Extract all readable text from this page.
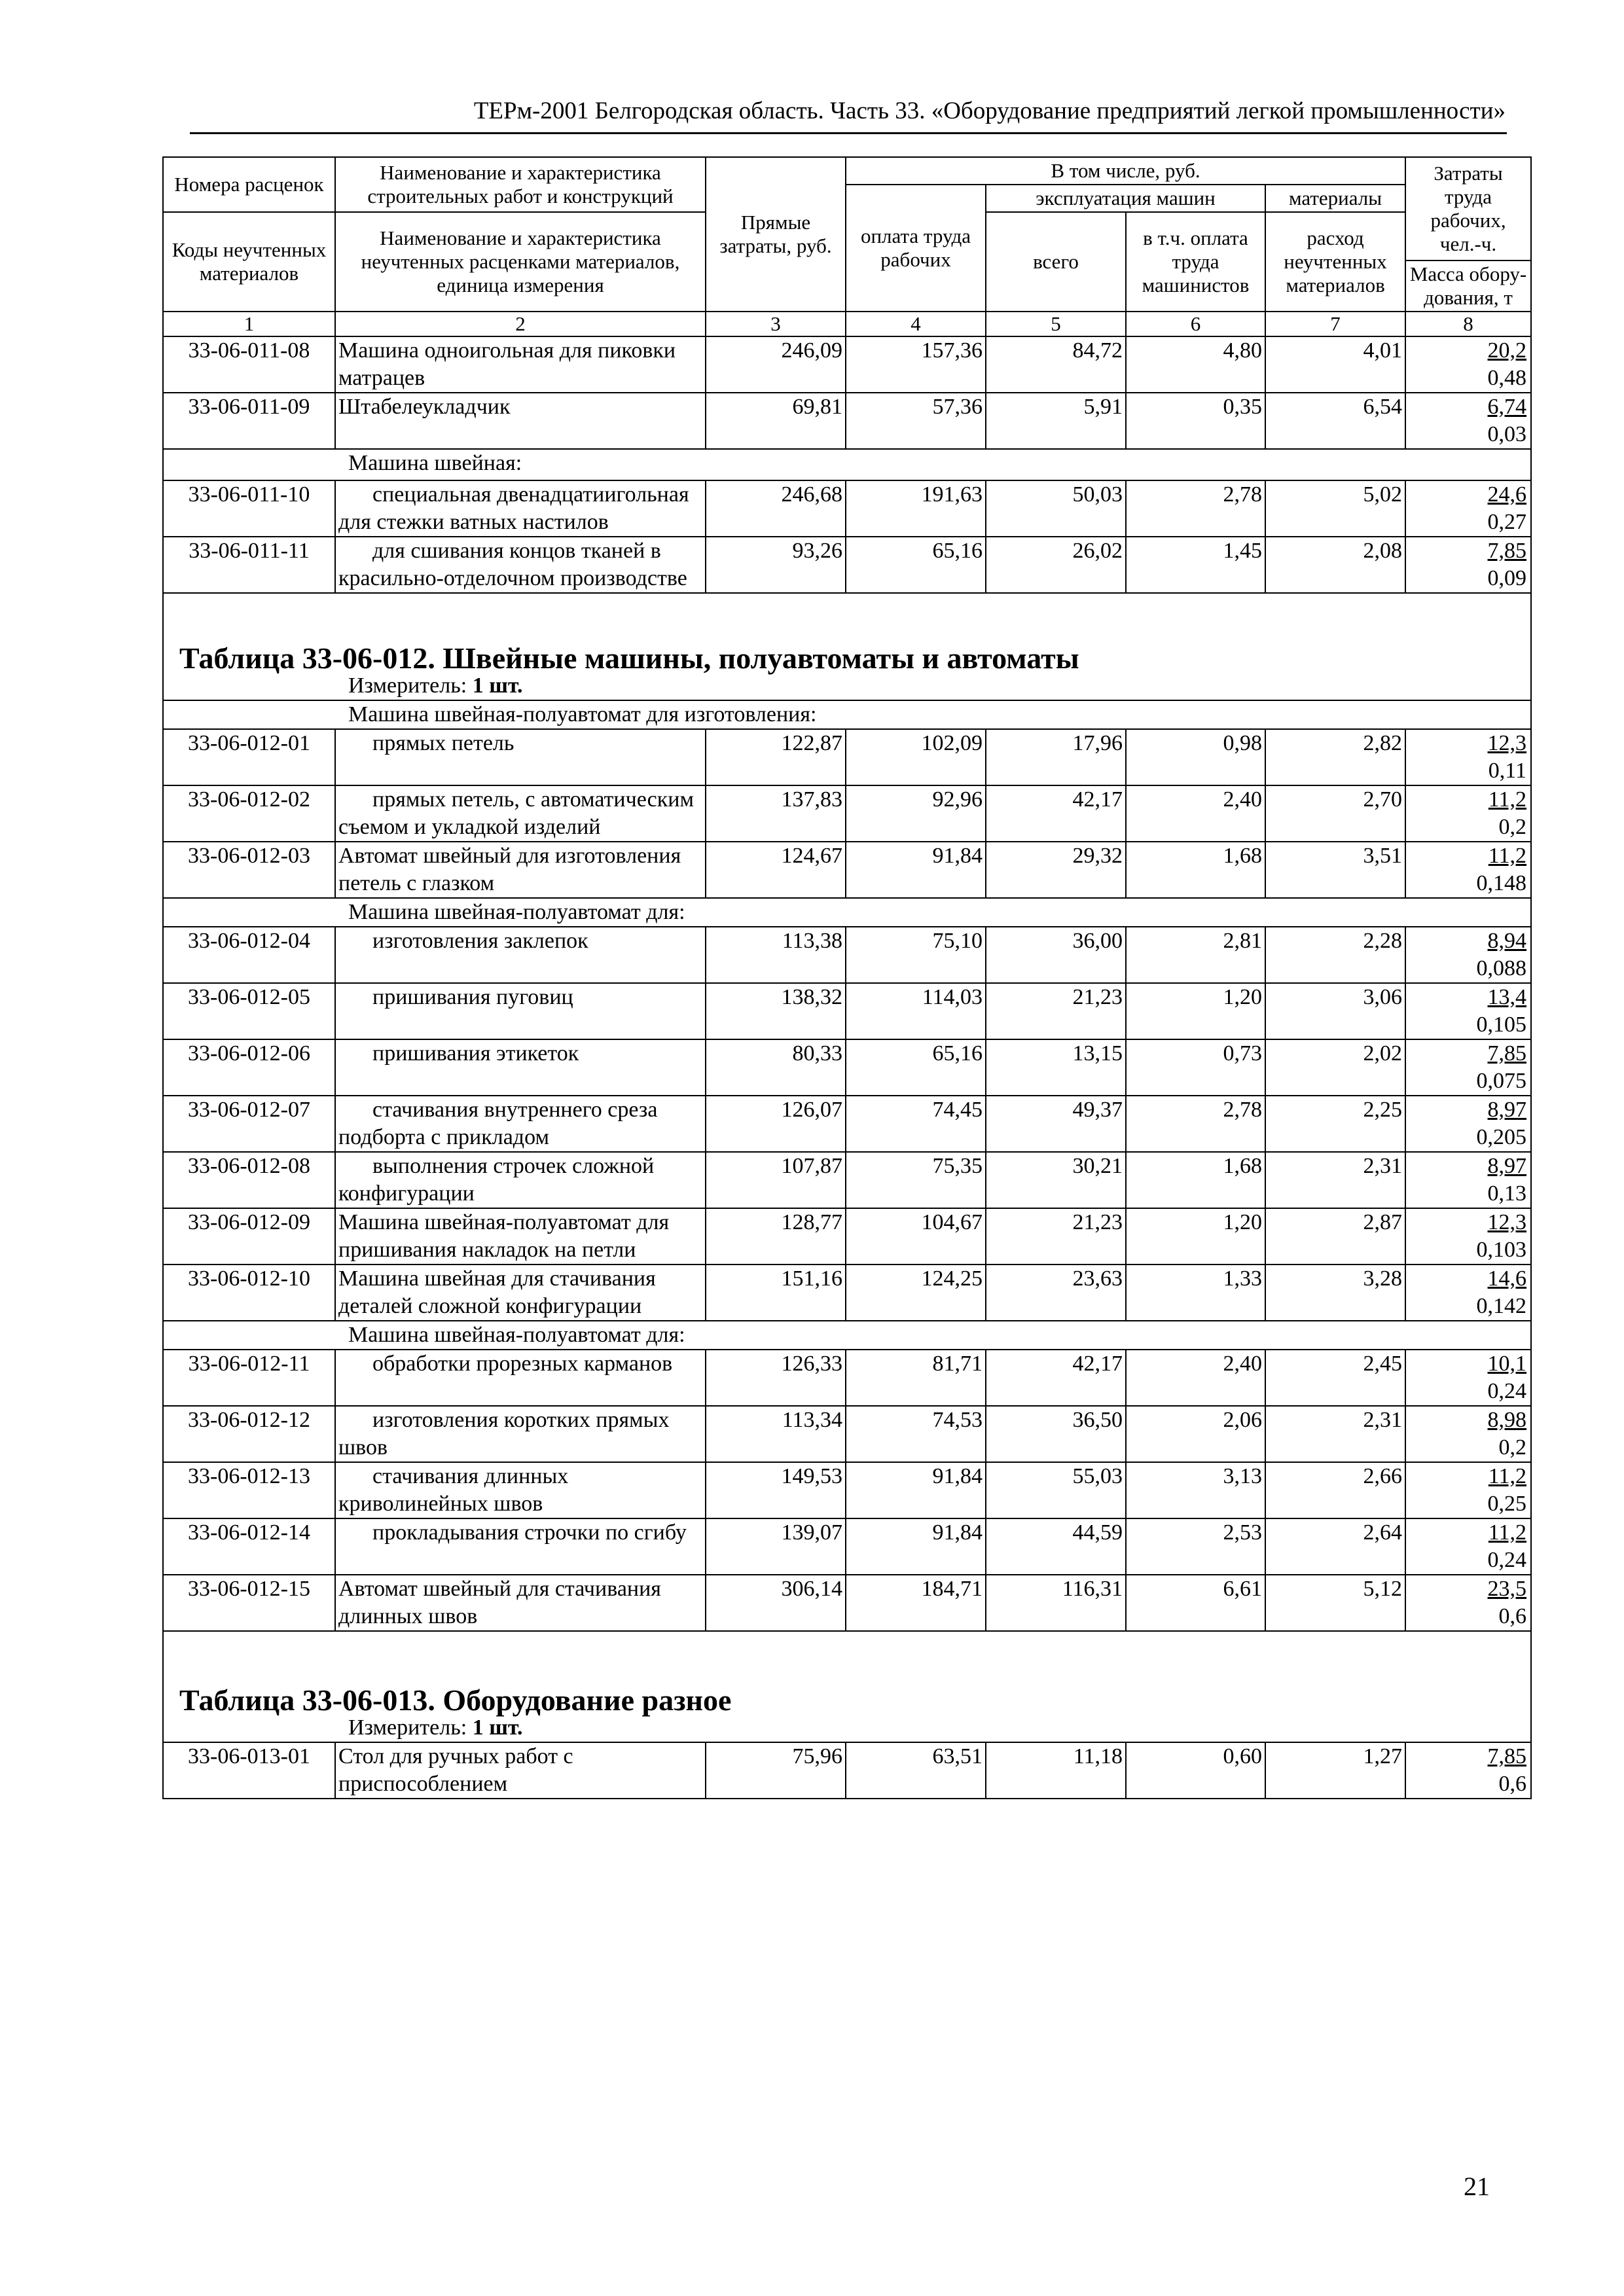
ТЕРм-2001 Белгородская область. Часть 33. «Оборудование предприятий легкой промышленности»
Номера расценок	Наименование и характеристика строительных работ и конструкций	Прямые затраты, руб.	В том числе, руб.				Затраты труда рабочих, чел.-ч.
			оплата труда рабочих	эксплуатация машин		материалы	
Коды неучтенных материалов	Наименование и характеристика неучтенных расценками материалов, единица измерения			всего	в т.ч. оплата труда машинистов	расход неучтенных материалов	
							Масса обору-дования, т
1	2	3	4	5	6	7	8
33-06-011-08	Машина одноигольная для пиковки матрацев	246,09	157,36	84,72	4,80	4,01	20,2
0,48

33-06-011-09	Штабелеукладчик	69,81	57,36	5,91	0,35	6,54	6,74
0,03

Машина швейная:							
33-06-011-10	специальная двенадцатиигольная для стежки ватных настилов	246,68	191,63	50,03	2,78	5,02	24,6
0,27

33-06-011-11	для сшивания концов тканей в красильно-отделочном производстве	93,26	65,16	26,02	1,45	2,08	7,85
0,09

Таблица 33-06-012. Швейные машины, полуавтоматы и автоматы
Измеритель: 1 шт.							

Машина швейная-полуавтомат для изготовления:							
33-06-012-01	прямых петель	122,87	102,09	17,96	0,98	2,82	12,3
0,11

33-06-012-02	прямых петель, с автоматическим съемом и укладкой изделий	137,83	92,96	42,17	2,40	2,70	11,2
0,2

33-06-012-03	Автомат швейный для изготовления петель с глазком	124,67	91,84	29,32	1,68	3,51	11,2
0,148

Машина швейная-полуавтомат для:							
33-06-012-04	изготовления заклепок	113,38	75,10	36,00	2,81	2,28	8,94
0,088

33-06-012-05	пришивания пуговиц	138,32	114,03	21,23	1,20	3,06	13,4
0,105

33-06-012-06	пришивания этикеток	80,33	65,16	13,15	0,73	2,02	7,85
0,075

33-06-012-07	стачивания внутреннего среза подборта с прикладом	126,07	74,45	49,37	2,78	2,25	8,97
0,205

33-06-012-08	выполнения строчек сложной конфигурации	107,87	75,35	30,21	1,68	2,31	8,97
0,13

33-06-012-09	Машина швейная-полуавтомат для пришивания накладок на петли	128,77	104,67	21,23	1,20	2,87	12,3
0,103

33-06-012-10	Машина швейная для стачивания деталей сложной конфигурации	151,16	124,25	23,63	1,33	3,28	14,6
0,142

Машина швейная-полуавтомат для:							
33-06-012-11	обработки прорезных карманов	126,33	81,71	42,17	2,40	2,45	10,1
0,24

33-06-012-12	изготовления коротких прямых швов	113,34	74,53	36,50	2,06	2,31	8,98
0,2

33-06-012-13	стачивания длинных криволинейных швов	149,53	91,84	55,03	3,13	2,66	11,2
0,25

33-06-012-14	прокладывания строчки по сгибу	139,07	91,84	44,59	2,53	2,64	11,2
0,24

33-06-012-15	Автомат швейный для стачивания длинных швов	306,14	184,71	116,31	6,61	5,12	23,5
0,6

Таблица 33-06-013. Оборудование разное
Измеритель: 1 шт.							

33-06-013-01	Стол для ручных работ с приспособлением	75,96	63,51	11,18	0,60	1,27	7,85
0,6
21
